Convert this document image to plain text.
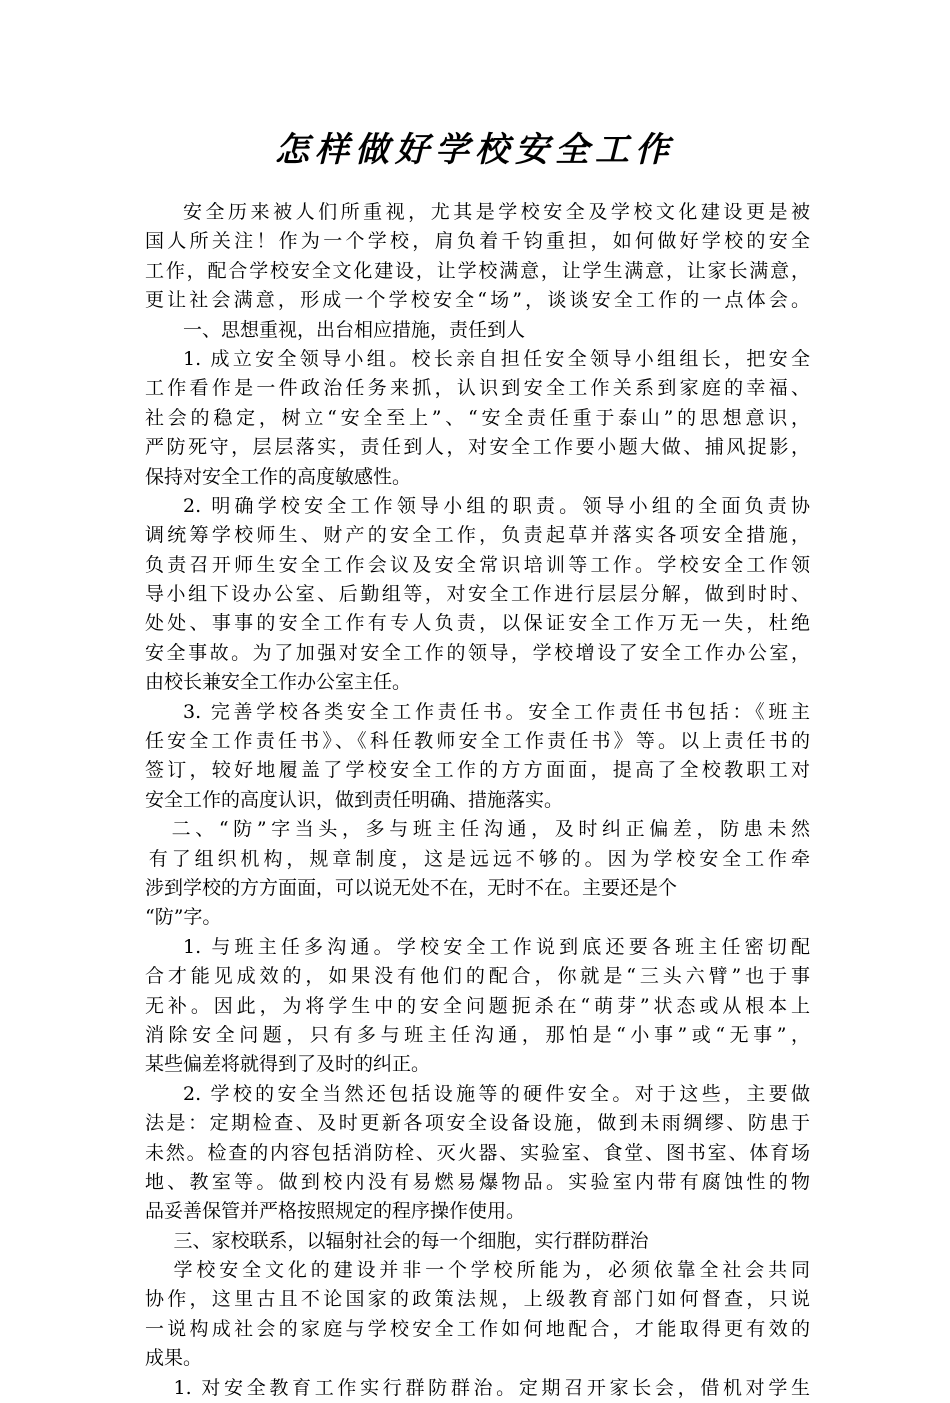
怎样做好学校安全工作

安全历来被人们所重视，尤其是学校安全及学校文化建设更是被

国人所关注！作为一个学校，肩负着千钧重担，如何做好学校的安全

工作，配合学校安全文化建设，让学校满意，让学生满意，让家长满意，

更让社会满意，形成一个学校安全“场”，谈谈安全工作的一点体会。

一、思想重视，出台相应措施，责任到人

1. 成立安全领导小组。校长亲自担任安全领导小组组长，把安全

工作看作是一件政治任务来抓，认识到安全工作关系到家庭的幸福、

社会的稳定，树立“安全至上”、“安全责任重于泰山”的思想意识，

严防死守，层层落实，责任到人，对安全工作要小题大做、捕风捉影，

保持对安全工作的高度敏感性。

2. 明确学校安全工作领导小组的职责。领导小组的全面负责协

调统筹学校师生、财产的安全工作，负责起草并落实各项安全措施，

负责召开师生安全工作会议及安全常识培训等工作。学校安全工作领

导小组下设办公室、后勤组等，对安全工作进行层层分解，做到时时、

处处、事事的安全工作有专人负责，以保证安全工作万无一失，杜绝

安全事故。为了加强对安全工作的领导，学校增设了安全工作办公室，

由校长兼安全工作办公室主任。

3. 完善学校各类安全工作责任书。安全工作责任书包括：《班主

任安全工作责任书》、《科任教师安全工作责任书》等。以上责任书的

签订，较好地履盖了学校安全工作的方方面面，提高了全校教职工对

安全工作的高度认识，做到责任明确、措施落实。

二、“防”字当头，多与班主任沟通，及时纠正偏差，防患未然

有了组织机构，规章制度，这是远远不够的。因为学校安全工作牵

涉到学校的方方面面，可以说无处不在，无时不在。主要还是个

“防”字。

1. 与班主任多沟通。学校安全工作说到底还要各班主任密切配

合才能见成效的，如果没有他们的配合，你就是“三头六臂”也于事

无补。因此，为将学生中的安全问题扼杀在“萌芽”状态或从根本上

消除安全问题，只有多与班主任沟通，那怕是“小事”或“无事”，

某些偏差将就得到了及时的纠正。

2. 学校的安全当然还包括设施等的硬件安全。对于这些，主要做

法是：定期检查、及时更新各项安全设备设施，做到未雨绸缪、防患于

未然。检查的内容包括消防栓、灭火器、实验室、食堂、图书室、体育场

地、教室等。做到校内没有易燃易爆物品。实验室内带有腐蚀性的物

品妥善保管并严格按照规定的程序操作使用。

三、家校联系，以辐射社会的每一个细胞，实行群防群治

学校安全文化的建设并非一个学校所能为，必须依靠全社会共同

协作，这里古且不论国家的政策法规，上级教育部门如何督查，只说

一说构成社会的家庭与学校安全工作如何地配合，才能取得更有效的

成果。

1. 对安全教育工作实行群防群治。定期召开家长会，借机对学生
